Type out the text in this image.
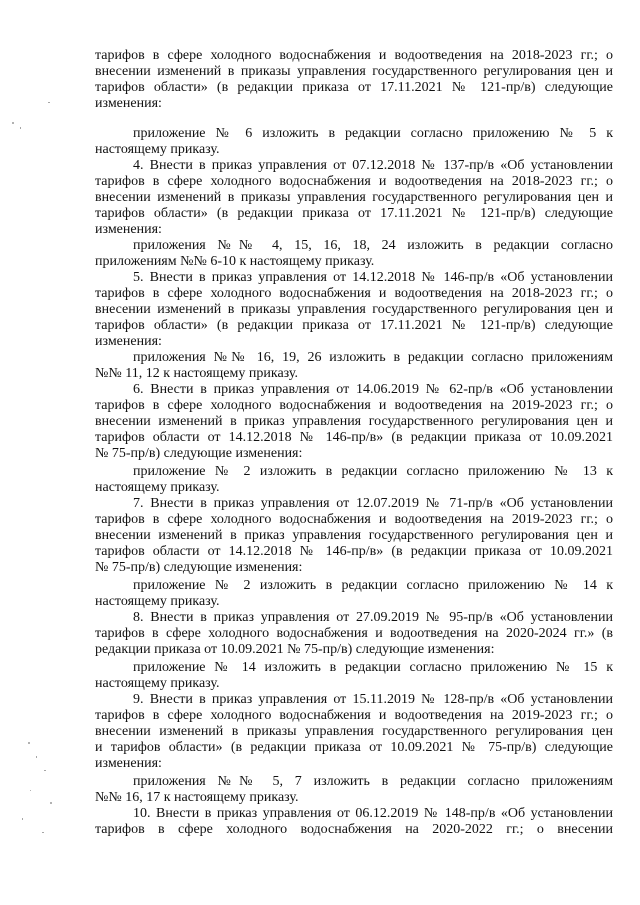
тарифов в сфере холодного водоснабжения и водоотведения на 2018-2023 гг.; о
внесении изменений в приказы управления государственного регулирования цен и
тарифов области» (в редакции приказа от 17.11.2021 № 121-пр/в) следующие
изменения:
приложение № 6 изложить в редакции согласно приложению № 5 к
настоящему приказу.
4. Внести в приказ управления от 07.12.2018 № 137-пр/в «Об установлении
тарифов в сфере холодного водоснабжения и водоотведения на 2018-2023 гг.; о
внесении изменений в приказы управления государственного регулирования цен и
тарифов области» (в редакции приказа от 17.11.2021 № 121-пр/в) следующие
изменения:
приложения №№ 4, 15, 16, 18, 24 изложить в редакции согласно
приложениям №№ 6-10 к настоящему приказу.
5. Внести в приказ управления от 14.12.2018 № 146-пр/в «Об установлении
тарифов в сфере холодного водоснабжения и водоотведения на 2018-2023 гг.; о
внесении изменений в приказы управления государственного регулирования цен и
тарифов области» (в редакции приказа от 17.11.2021 № 121-пр/в) следующие
изменения:
приложения №№ 16, 19, 26 изложить в редакции согласно приложениям
№№ 11, 12 к настоящему приказу.
6. Внести в приказ управления от 14.06.2019 № 62-пр/в «Об установлении
тарифов в сфере холодного водоснабжения и водоотведения на 2019-2023 гг.; о
внесении изменений в приказ управления государственного регулирования цен и
тарифов области от 14.12.2018 № 146-пр/в» (в редакции приказа от 10.09.2021
№ 75-пр/в) следующие изменения:
приложение № 2 изложить в редакции согласно приложению № 13 к
настоящему приказу.
7. Внести в приказ управления от 12.07.2019 № 71-пр/в «Об установлении
тарифов в сфере холодного водоснабжения и водоотведения на 2019-2023 гг.; о
внесении изменений в приказ управления государственного регулирования цен и
тарифов области от 14.12.2018 № 146-пр/в» (в редакции приказа от 10.09.2021
№ 75-пр/в) следующие изменения:
приложение № 2 изложить в редакции согласно приложению № 14 к
настоящему приказу.
8. Внести в приказ управления от 27.09.2019 № 95-пр/в «Об установлении
тарифов в сфере холодного водоснабжения и водоотведения на 2020-2024 гг.» (в
редакции приказа от 10.09.2021 № 75-пр/в) следующие изменения:
приложение № 14 изложить в редакции согласно приложению № 15 к
настоящему приказу.
9. Внести в приказ управления от 15.11.2019 № 128-пр/в «Об установлении
тарифов в сфере холодного водоснабжения и водоотведения на 2019-2023 гг.; о
внесении изменений в приказы управления государственного регулирования цен
и тарифов области» (в редакции приказа от 10.09.2021 № 75-пр/в) следующие
изменения:
приложения №№ 5, 7 изложить в редакции согласно приложениям
№№ 16, 17 к настоящему приказу.
10. Внести в приказ управления от 06.12.2019 № 148-пр/в «Об установлении
тарифов в сфере холодного водоснабжения на 2020-2022 гг.; о внесении
